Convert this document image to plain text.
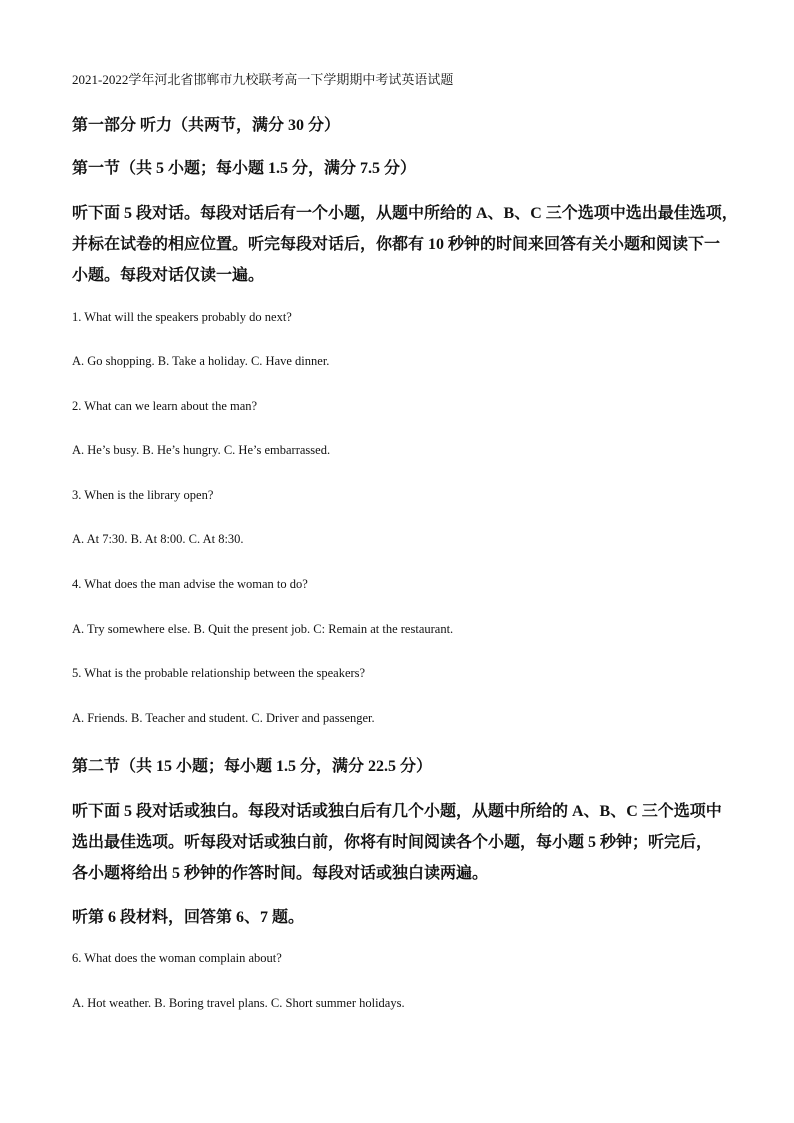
2021-2022学年河北省邯郸市九校联考高一下学期期中考试英语试题
第一部分 听力（共两节，满分 30 分）
第一节（共 5 小题；每小题 1.5 分，满分 7.5 分）
听下面 5 段对话。每段对话后有一个小题，从题中所给的 A、B、C 三个选项中选出最佳选项，
并标在试卷的相应位置。听完每段对话后，你都有 10 秒钟的时间来回答有关小题和阅读下一
小题。每段对话仅读一遍。
1. What will the speakers probably do next?
A. Go shopping. B. Take a holiday. C. Have dinner.
2. What can we learn about the man?
A. He’s busy. B. He’s hungry. C. He’s embarrassed.
3. When is the library open?
A. At 7:30. B. At 8:00. C. At 8:30.
4. What does the man advise the woman to do?
A. Try somewhere else. B. Quit the present job. C: Remain at the restaurant.
5. What is the probable relationship between the speakers?
A. Friends. B. Teacher and student. C. Driver and passenger.
第二节（共 15 小题；每小题 1.5 分，满分 22.5 分）
听下面 5 段对话或独白。每段对话或独白后有几个小题，从题中所给的 A、B、C 三个选项中
选出最佳选项。听每段对话或独白前，你将有时间阅读各个小题，每小题 5 秒钟；听完后，
各小题将给出 5 秒钟的作答时间。每段对话或独白读两遍。
听第 6 段材料，回答第 6、7 题。
6. What does the woman complain about?
A. Hot weather. B. Boring travel plans. C. Short summer holidays.
